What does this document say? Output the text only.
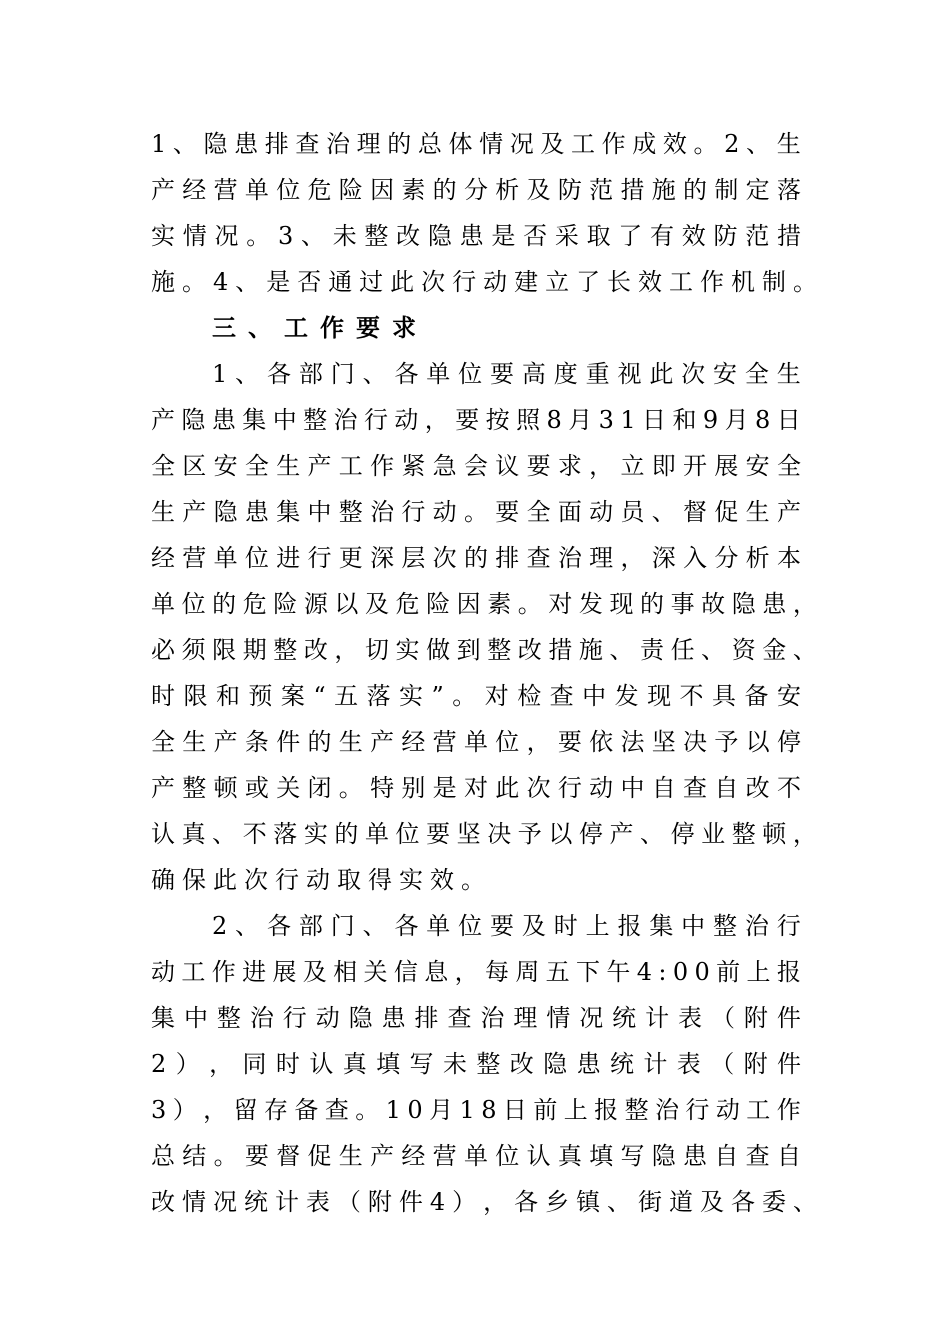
1 、 隐 患 排 查 治 理 的 总 体 情 况 及 工 作 成 效 。 2 、 生
产 经 营 单 位 危 险 因 素 的 分 析 及 防 范 措 施 的 制 定 落
实 情 况 。 3 、 未 整 改 隐 患 是 否 采 取 了 有 效 防 范 措
施 。 4 、 是 否 通 过 此 次 行 动 建 立 了 长 效 工 作 机 制 。
三、工作要求
1 、 各 部 门 、 各 单 位 要 高 度 重 视 此 次 安 全 生
产 隐 患 集 中 整 治 行 动 ， 要 按 照 8 月 3 1 日 和 9 月 8 日
全 区 安 全 生 产 工 作 紧 急 会 议 要 求 ， 立 即 开 展 安 全
生 产 隐 患 集 中 整 治 行 动 。 要 全 面 动 员 、 督 促 生 产
经 营 单 位 进 行 更 深 层 次 的 排 查 治 理 ， 深 入 分 析 本
单 位 的 危 险 源 以 及 危 险 因 素 。 对 发 现 的 事 故 隐 患 ，
必 须 限 期 整 改 ， 切 实 做 到 整 改 措 施 、 责 任 、 资 金 、
时 限 和 预 案 “ 五 落 实 ” 。 对 检 查 中 发 现 不 具 备 安
全 生 产 条 件 的 生 产 经 营 单 位 ， 要 依 法 坚 决 予 以 停
产 整 顿 或 关 闭 。 特 别 是 对 此 次 行 动 中 自 查 自 改 不
认 真 、 不 落 实 的 单 位 要 坚 决 予 以 停 产 、 停 业 整 顿 ，
确保此次行动取得实效。
2 、 各 部 门 、 各 单 位 要 及 时 上 报 集 中 整 治 行
动 工 作 进 展 及 相 关 信 息 ， 每 周 五 下 午 4 : 0 0 前 上 报
集 中 整 治 行 动 隐 患 排 查 治 理 情 况 统 计 表 （ 附 件
2 ） ， 同 时 认 真 填 写 未 整 改 隐 患 统 计 表 （ 附 件
3 ） ， 留 存 备 查 。 1 0 月 1 8 日 前 上 报 整 治 行 动 工 作
总 结 。 要 督 促 生 产 经 营 单 位 认 真 填 写 隐 患 自 查 自
改 情 况 统 计 表 （ 附 件 4 ） ， 各 乡 镇 、 街 道 及 各 委 、
